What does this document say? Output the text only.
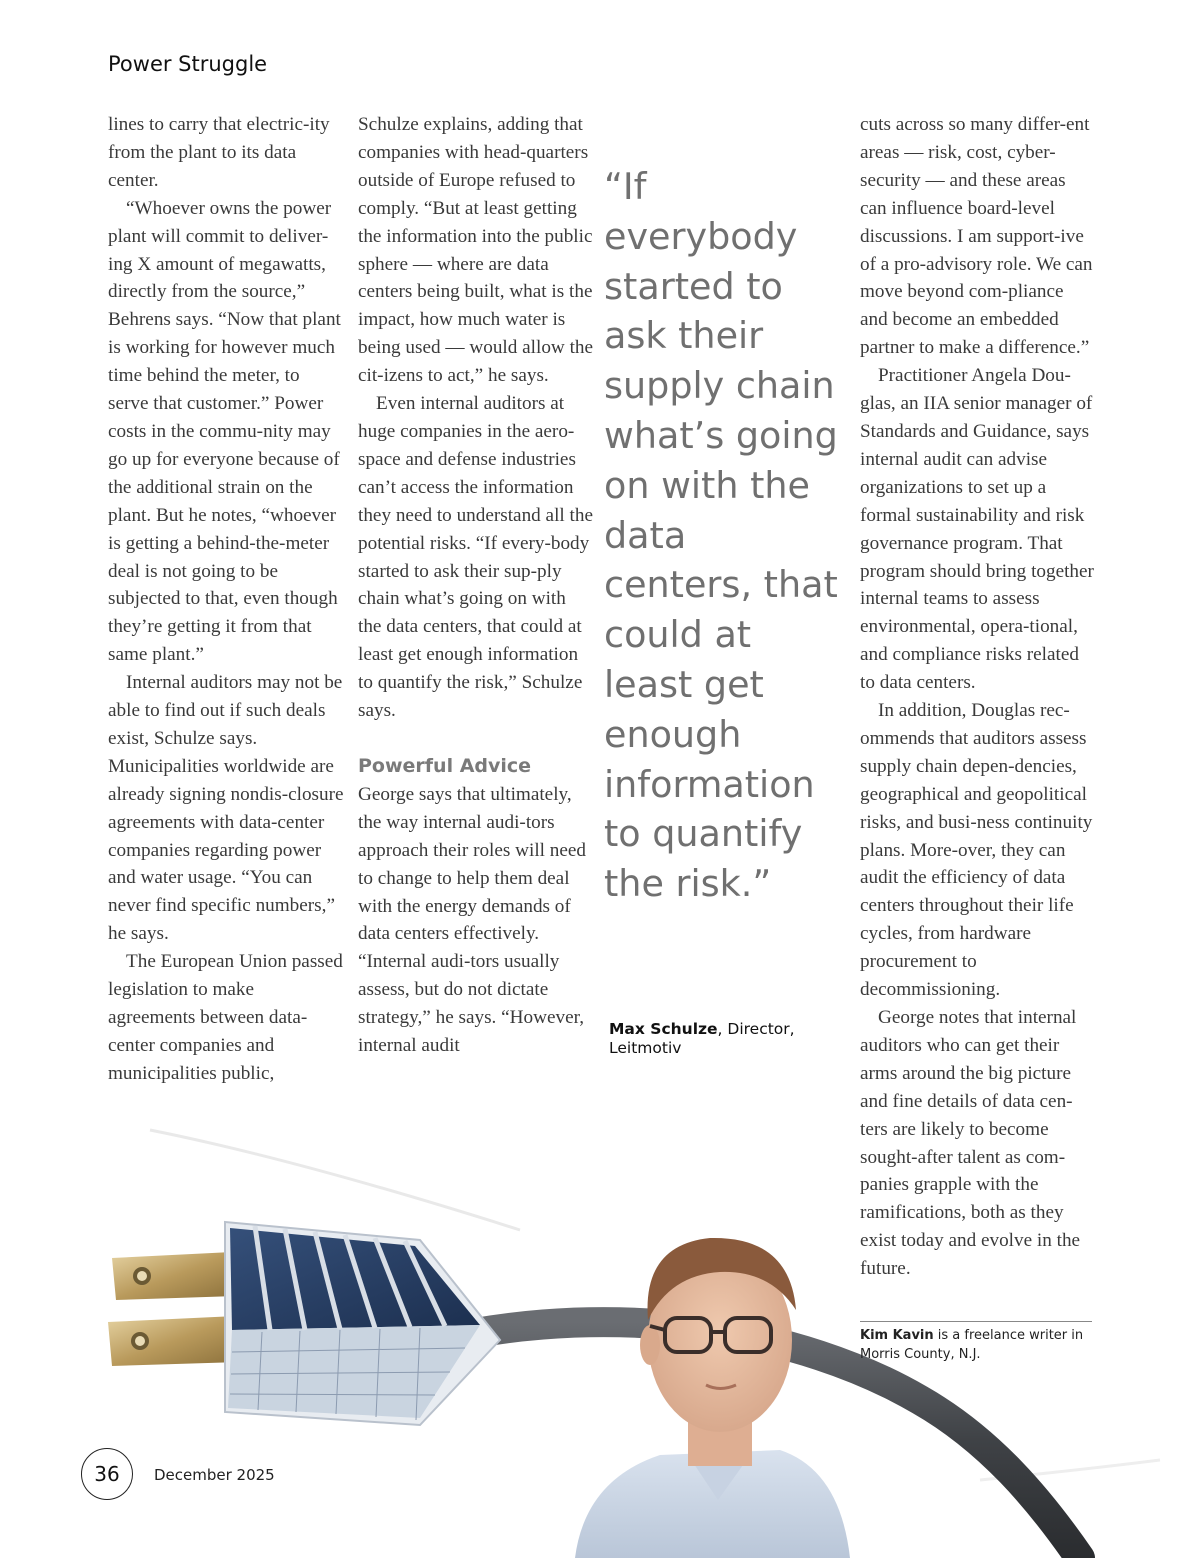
Power Struggle

lines to carry that electric-ity from the plant to its data center.

“Whoever owns the power plant will commit to deliver-ing X amount of megawatts, directly from the source,” Behrens says. “Now that plant is working for however much time behind the meter, to serve that customer.” Power costs in the commu-nity may go up for everyone because of the additional strain on the plant. But he notes, “whoever is getting a behind-the-meter deal is not going to be subjected to that, even though they’re getting it from that same plant.”

Internal auditors may not be able to find out if such deals exist, Schulze says. Municipalities worldwide are already signing nondis-closure agreements with data-center companies regarding power and water usage. “You can never find specific numbers,” he says.

The European Union passed legislation to make agreements between data-center companies and municipalities public,

Schulze explains, adding that companies with head-quarters outside of Europe refused to comply. “But at least getting the information into the public sphere — where are data centers being built, what is the impact, how much water is being used — would allow the cit-izens to act,” he says.

Even internal auditors at huge companies in the aero-space and defense industries can’t access the information they need to understand all the potential risks. “If every-body started to ask their sup-ply chain what’s going on with the data centers, that could at least get enough information to quantify the risk,” Schulze says.

Powerful Advice

George says that ultimately, the way internal audi-tors approach their roles will need to change to help them deal with the energy demands of data centers effectively. “Internal audi-tors usually assess, but do not dictate strategy,” he says. “However, internal audit

“If everybody started to ask their supply chain what’s going on with the data centers, that could at least get enough information to quantify the risk.”
Max Schulze, Director, Leitmotiv

cuts across so many differ-ent areas — risk, cost, cyber-security — and these areas can influence board-level discussions. I am support-ive of a pro-advisory role. We can move beyond com-pliance and become an embedded partner to make a difference.”

Practitioner Angela Dou-glas, an IIA senior manager of Standards and Guidance, says internal audit can advise organizations to set up a formal sustainability and risk governance program. That program should bring together internal teams to assess environmental, opera-tional, and compliance risks related to data centers.

In addition, Douglas rec-ommends that auditors assess supply chain depen-dencies, geographical and geopolitical risks, and busi-ness continuity plans. More-over, they can audit the efficiency of data centers throughout their life cycles, from hardware procurement to decommissioning.

George notes that internal auditors who can get their arms around the big picture and fine details of data cen-ters are likely to become sought-after talent as com-panies grapple with the ramifications, both as they exist today and evolve in the future.

Kim Kavin is a freelance writer in Morris County, N.J.
36 December 2025
